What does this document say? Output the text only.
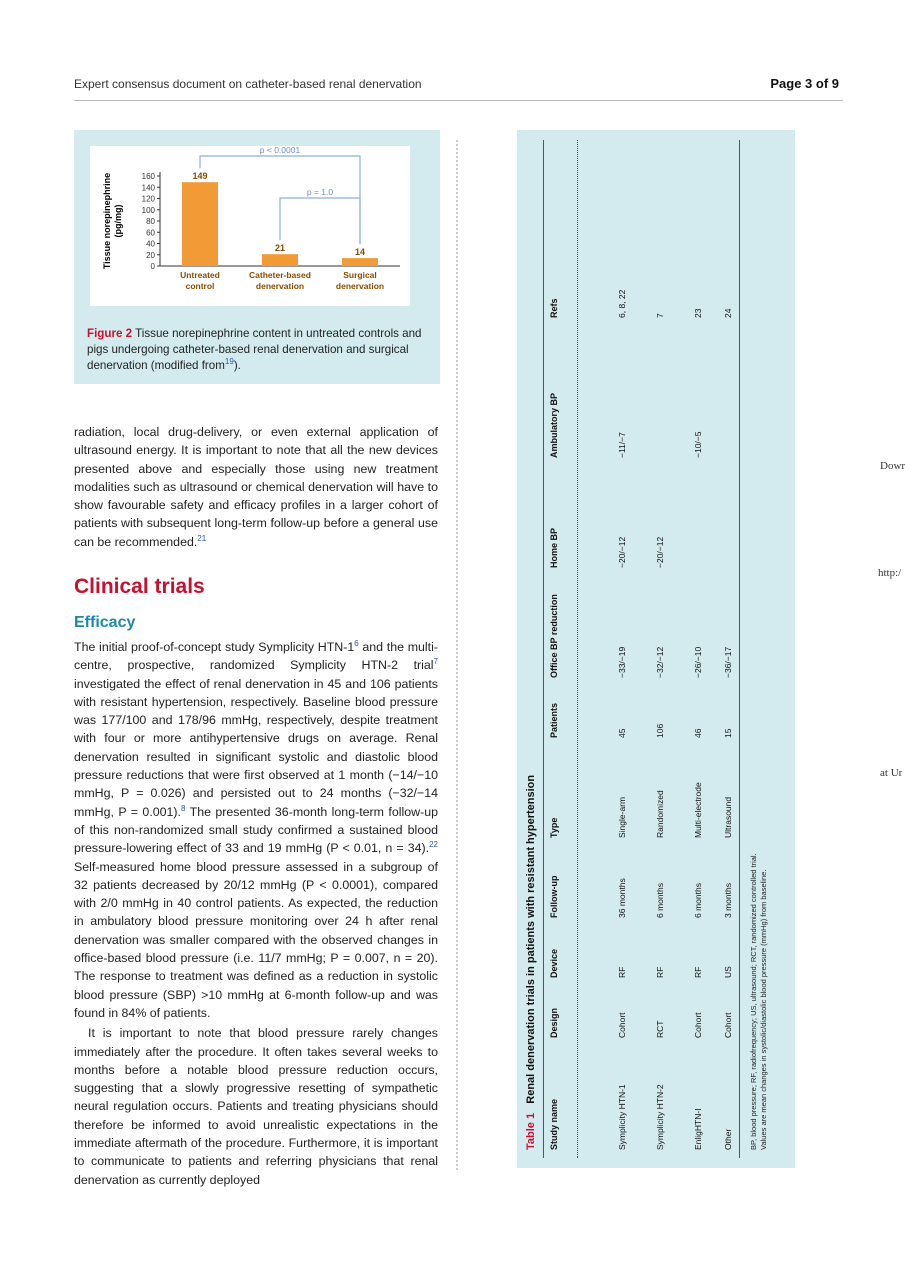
Expert consensus document on catheter-based renal denervation	Page 3 of 9
Tissue norepinephrine(pg/mg)
0
20
40
60
80
100
120
140
160	149
Untreated control
21
Catheter-based denervation
14
Surgical denervation
p < 0.0001
p = 1.0
Figure 2 Tissue norepinephrine content in untreated controls and pigs undergoing catheter-based renal denervation and surgical denervation (modified from$^{19}$).

radiation, local drug-delivery, or even external application of ultrasound energy. It is important to note that all the new devices presented above and especially those using new treatment modalities such as ultrasound or chemical denervation will have to show favourable safety and efficacy profiles in a larger cohort of patients with subsequent long-term follow-up before a general use can be recommended.$^{21}$

Clinical trials
Efficacy

The initial proof-of-concept study Symplicity HTN-1$^6$ and the multi-centre, prospective, randomized Symplicity HTN-2 trial$^7$ investigated the effect of renal denervation in 45 and 106 patients with resistant hypertension, respectively. Baseline blood pressure was 177/100 and 178/96 mmHg, respectively, despite treatment with four or more antihypertensive drugs on average. Renal denervation resulted in significant systolic and diastolic blood pressure reductions that were first observed at 1 month (−14/−10 mmHg, P = 0.026) and persisted out to 24 months (−32/−14 mmHg, P = 0.001).$^8$ The presented 36-month long-term follow-up of this non-randomized small study confirmed a sustained blood pressure-lowering effect of 33 and 19 mmHg (P < 0.01, n = 34).$^{22}$ Self-measured home blood pressure assessed in a subgroup of 32 patients decreased by 20/12 mmHg (P < 0.0001), compared with 2/0 mmHg in 40 control patients. As expected, the reduction in ambulatory blood pressure monitoring over 24 h after renal denervation was smaller compared with the observed changes in office-based blood pressure (i.e. 11/7 mmHg; P = 0.007, n = 20). The response to treatment was defined as a reduction in systolic blood pressure (SBP) >10 mmHg at 6-month follow-up and was found in 84% of patients.

It is important to note that blood pressure rarely changes immediately after the procedure. It often takes several weeks to months before a notable blood pressure reduction occurs, suggesting that a slowly progressive resetting of sympathetic neural regulation occurs. Patients and treating physicians should therefore be informed to avoid unrealistic expectations in the immediate aftermath of the procedure. Furthermore, it is important to communicate to patients and referring physicians that renal denervation as currently deployed

Table 1   Renal denervation trials in patients with resistant hypertension
Study name
Design
Device
Follow-up
Type
Patients
Office BP reduction
Home BP
Ambulatory BP
Refs
Symplicity HTN-1
Cohort
RF
36 months
Single-arm
45
−33/−19
−20/−12
−11/−7
6, 8, 22
Symplicity HTN-2
RCT
RF
6 months
Randomized
106
−32/−12
−20/−12
7
EnligHTN-I
Cohort
RF
6 months
Multi-electrode
46
−26/−10
−10/−5
23
Other
Cohort
US
3 months
Ultrasound
15
−36/−17
24
BP, blood pressure; RF, radiofrequency; US, ultrasound; RCT, randomized controlled trial. Values are mean changes in systolic/diastolic blood pressure (mmHg) from baseline.
Dowr
http:/
at Ur
